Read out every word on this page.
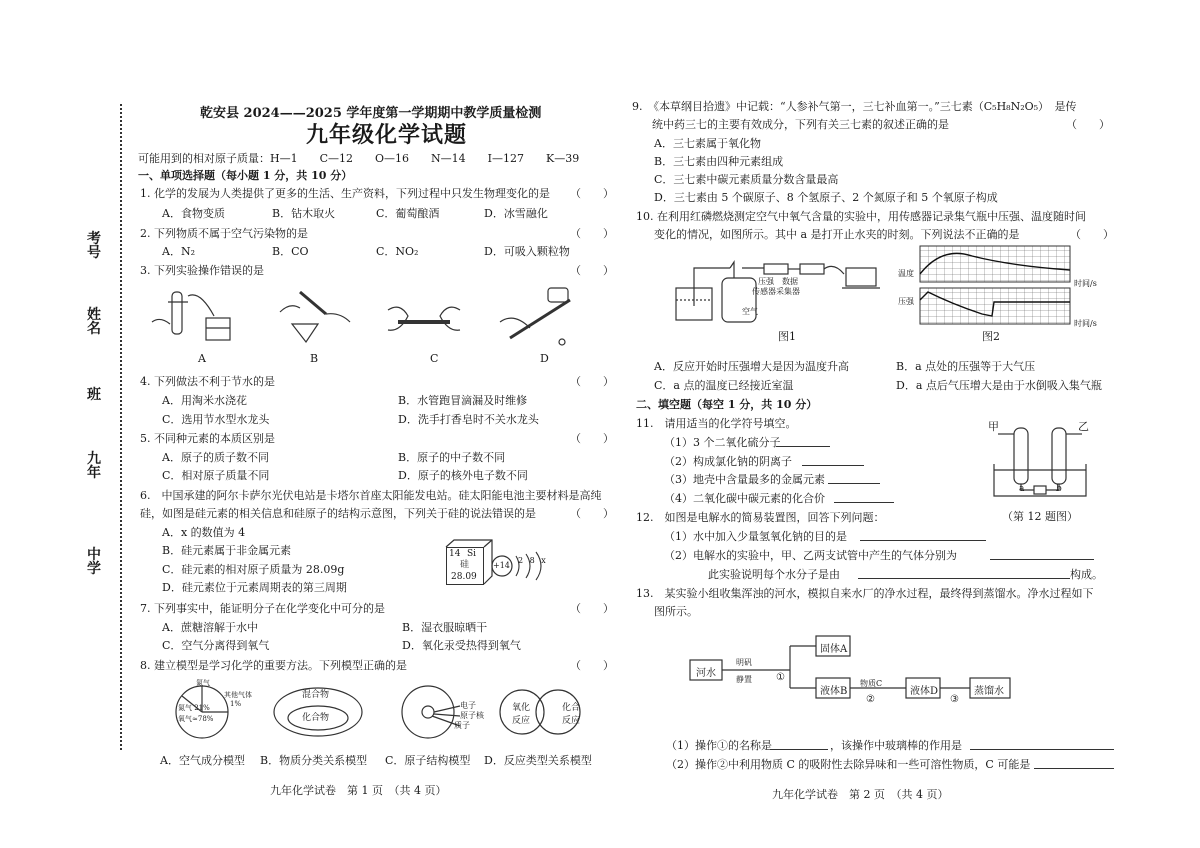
考号
姓名
班
九年
中学
乾安县 2024——2025 学年度第一学期期中教学质量检测
九年级化学试题
可能用到的相对原子质量：H—1　　C—12　　O—16　　N—14　　I—127　　K—39
一、单项选择题（每小题 1 分，共 10 分）
1. 化学的发展为人类提供了更多的生活、生产资料，下列过程中只发生物理变化的是 （　　）
A．食物变质	B．钻木取火	C．葡萄酿酒	D．冰雪融化
2. 下列物质不属于空气污染物的是	（　　）
A．N₂	B．CO	C．NO₂	D．可吸入颗粒物
3. 下列实验操作错误的是	（　　）
A	B	C	D
4. 下列做法不利于节水的是	（　　）
A．用淘米水浇花	B．水管跑冒滴漏及时维修
C．选用节水型水龙头	D．洗手打香皂时不关水龙头
5. 不同种元素的本质区别是	（　　）
A．原子的质子数不同	B．原子的中子数不同
C．相对原子质量不同	D．原子的核外电子数不同
6.　中国承建的阿尔卡萨尔光伏电站是卡塔尔首座太阳能发电站。硅太阳能电池主要材料是高纯
硅，如图是硅元素的相关信息和硅原子的结构示意图，下列关于硅的说法错误的是	（　　）
A．x 的数值为 4
B．硅元素属于非金属元素
C．硅元素的相对原子质量为 28.09g
D．硅元素位于元素周期表的第三周期
14 Si
硅
28.09
+14
2 8 x
7. 下列事实中，能证明分子在化学变化中可分的是	（　　）
A．蔗糖溶解于水中	B．湿衣服晾晒干
C．空气分离得到氧气	D．氧化汞受热得到氧气
8. 建立模型是学习化学的重要方法。下列模型正确的是	（　　）
氮气
其他气体
1%
氮气 21%
氧气≈78%
混合物
化合物
电子
原子核
质子
氧化反应
化合反应
A．空气成分模型 B．物质分类关系模型 C．原子结构模型 D．反应类型关系模型
九年化学试卷　第 1 页　（共 4 页）
9.　《本草纲目拾遗》中记载：“人参补气第一，三七补血第一。”三七素（C₅H₈N₂O₅）　是传
统中药三七的主要有效成分，下列有关三七素的叙述正确的是	（　　）
A．三七素属于氧化物
B．三七素由四种元素组成
C．三七素中碳元素质量分数含量最高
D．三七素由 5 个碳原子、8 个氢原子、2 个氮原子和 5 个氧原子构成
10. 在利用红磷燃烧测定空气中氧气含量的实验中，用传感器记录集气瓶中压强、温度随时间
变化的情况，如图所示。其中 a 是打开止水夹的时刻。下列说法不正确的是	（　　）
压强　数据
传感器采集器
空气
图1
温度
压强
时间/s
时间/s
图2
A．反应开始时压强增大是因为温度升高	B．a 点处的压强等于大气压
C．a 点的温度已经接近室温	D．a 点后气压增大是由于水倒吸入集气瓶
二、填空题（每空 1 分，共 10 分）
11.　请用适当的化学符号填空。
（1）3 个二氧化硫分子
（2）构成氯化钠的阴离子
（3）地壳中含量最多的金属元素
（4）二氧化碳中碳元素的化合价
甲	乙
a	b
（第 12 题图）
12.　如图是电解水的简易装置图，回答下列问题：
（1）水中加入少量氢氧化钠的目的是
（2）电解水的实验中，甲、乙两支试管中产生的气体分别为
此实验说明每个水分子是由	构成。
13.　某实验小组收集浑浊的河水，模拟自来水厂的净水过程，最终得到蒸馏水。净水过程如下
图所示。
河水
明矾
静置 ①
固体A
液体B
物质C
②
液体D
③
蒸馏水
（1）操作①的名称是	，该操作中玻璃棒的作用是
（2）操作②中利用物质 C 的吸附性去除异味和一些可溶性物质，C 可能是
九年化学试卷　第 2 页　（共 4 页）
